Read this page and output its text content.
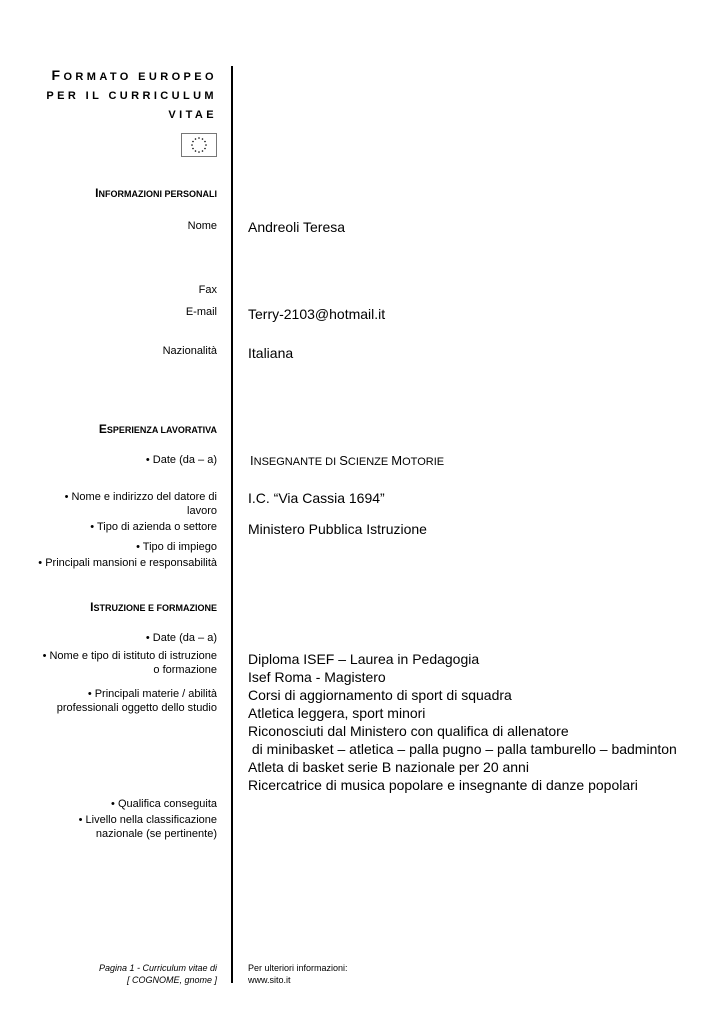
FORMATO EUROPEO
PER IL CURRICULUM
VITAE
INFORMAZIONI PERSONALI
Nome Andreoli Teresa
Fax
E-mail Terry-2103@hotmail.it
Nazionalità Italiana
ESPERIENZA LAVORATIVA
• Date (da – a)	INSEGNANTE DI SCIENZE MOTORIE
• Nome e indirizzo del datore di
lavoro
I.C. “Via Cassia 1694”
• Tipo di azienda o settore Ministero Pubblica Istruzione
• Tipo di impiego
• Principali mansioni e responsabilità
ISTRUZIONE E FORMAZIONE
• Date (da – a)
• Nome e tipo di istituto di istruzione
o formazione
• Principali materie / abilità
professionali oggetto dello studio
Diploma ISEF – Laurea in Pedagogia
Isef Roma - Magistero
Corsi di aggiornamento di sport di squadra
Atletica leggera, sport minori
Riconosciuti dal Ministero con qualifica di allenatore
di minibasket – atletica – palla pugno – palla tamburello – badminton
Atleta di basket serie B nazionale per 20 anni
Ricercatrice di musica popolare e insegnante di danze popolari
• Qualifica conseguita
• Livello nella classificazione
nazionale (se pertinente)
Pagina 1 - Curriculum vitae di
[ COGNOME, gnome ]
Per ulteriori informazioni:
www.sito.it
